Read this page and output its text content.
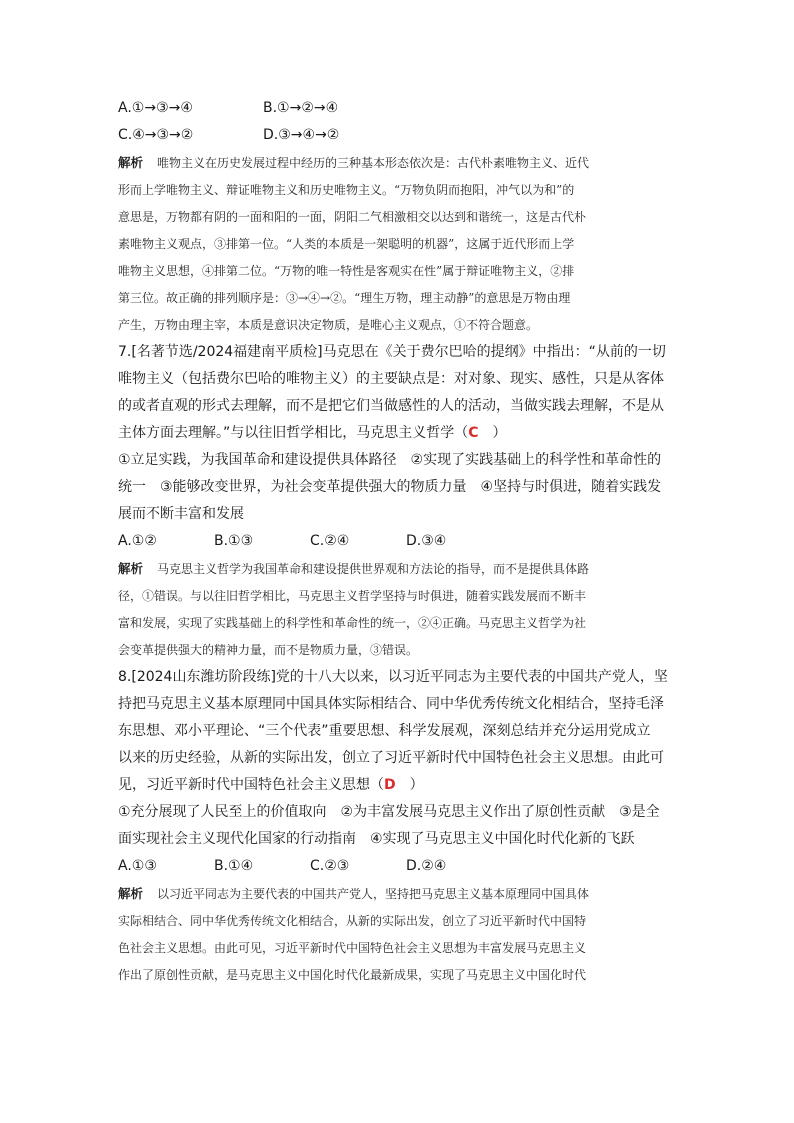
A.①→③→④	B.①→②→④
C.④→③→②	D.③→④→②
解析 唯物主义在历史发展过程中经历的三种基本形态依次是：古代朴素唯物主义、近代
形而上学唯物主义、辩证唯物主义和历史唯物主义。“万物负阴而抱阳，冲气以为和”的
意思是，万物都有阴的一面和阳的一面，阴阳二气相激相交以达到和谐统一，这是古代朴
素唯物主义观点，③排第一位。“人类的本质是一架聪明的机器”，这属于近代形而上学
唯物主义思想，④排第二位。“万物的唯一特性是客观实在性”属于辩证唯物主义，②排
第三位。故正确的排列顺序是：③→④→②。“理生万物，理主动静”的意思是万物由理
产生，万物由理主宰，本质是意识决定物质，是唯心主义观点，①不符合题意。
7.[名著节选/2024福建南平质检]马克思在《关于费尔巴哈的提纲》中指出：“从前的一切
唯物主义（包括费尔巴哈的唯物主义）的主要缺点是：对对象、现实、感性，只是从客体
的或者直观的形式去理解，而不是把它们当做感性的人的活动，当做实践去理解，不是从
主体方面去理解。”与以往旧哲学相比，马克思主义哲学（C　 ）
①立足实践，为我国革命和建设提供具体路径　②实现了实践基础上的科学性和革命性的
统一　③能够改变世界，为社会变革提供强大的物质力量　④坚持与时俱进，随着实践发
展而不断丰富和发展
A.①②	B.①③	C.②④	D.③④
解析 马克思主义哲学为我国革命和建设提供世界观和方法论的指导，而不是提供具体路
径，①错误。与以往旧哲学相比，马克思主义哲学坚持与时俱进，随着实践发展而不断丰
富和发展，实现了实践基础上的科学性和革命性的统一，②④正确。马克思主义哲学为社
会变革提供强大的精神力量，而不是物质力量，③错误。
8.[2024山东潍坊阶段练]党的十八大以来，以习近平同志为主要代表的中国共产党人，坚
持把马克思主义基本原理同中国具体实际相结合、同中华优秀传统文化相结合，坚持毛泽
东思想、邓小平理论、“三个代表”重要思想、科学发展观，深刻总结并充分运用党成立
以来的历史经验，从新的实际出发，创立了习近平新时代中国特色社会主义思想。由此可
见，习近平新时代中国特色社会主义思想（D　 ）
①充分展现了人民至上的价值取向　②为丰富发展马克思主义作出了原创性贡献　③是全
面实现社会主义现代化国家的行动指南　④实现了马克思主义中国化时代化新的飞跃
A.①③	B.①④	C.②③	D.②④
解析 以习近平同志为主要代表的中国共产党人，坚持把马克思主义基本原理同中国具体
实际相结合、同中华优秀传统文化相结合，从新的实际出发，创立了习近平新时代中国特
色社会主义思想。由此可见，习近平新时代中国特色社会主义思想为丰富发展马克思主义
作出了原创性贡献，是马克思主义中国化时代化最新成果，实现了马克思主义中国化时代
